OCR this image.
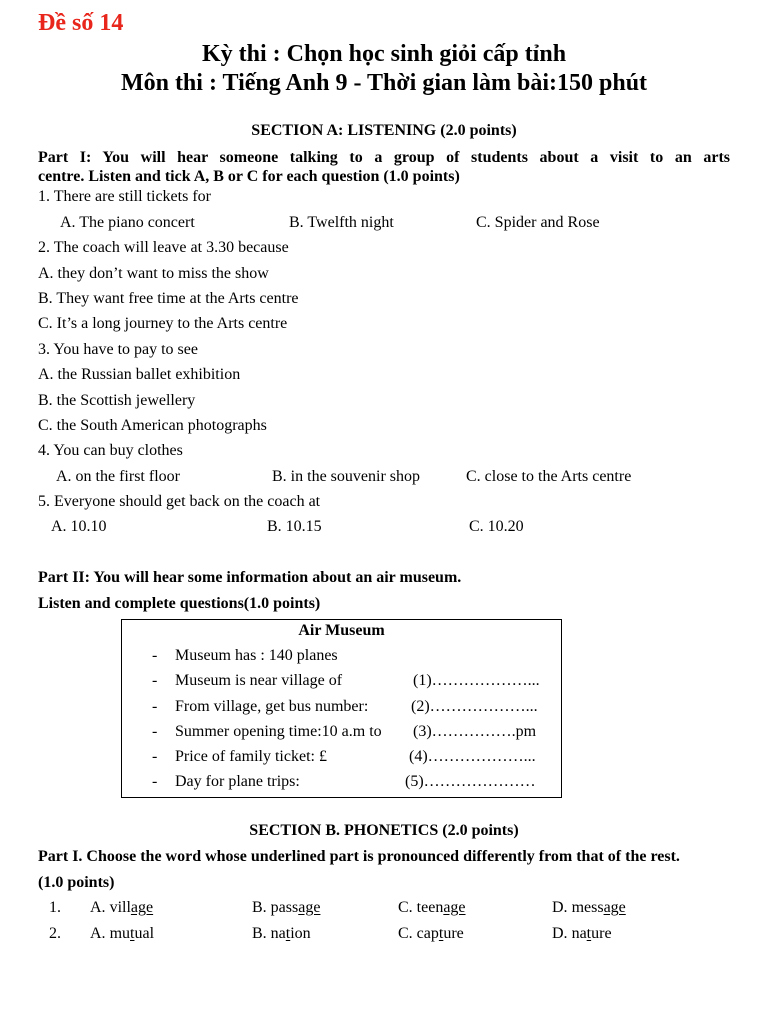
Đề số 14
Kỳ thi : Chọn học sinh giỏi cấp tỉnh
Môn thi : Tiếng Anh 9 - Thời gian làm bài:150 phút
SECTION A: LISTENING (2.0 points)
Part I: You will hear someone talking to a group of students about a visit to an arts
centre. Listen and tick A, B or C for each question (1.0 points)
1. There are still tickets for
A. The piano concert	B. Twelfth night	C. Spider and Rose
2. The coach will leave at 3.30 because
A. they don’t want to miss the show
B. They want free time at the Arts centre
C. It’s a long journey to the Arts centre
3. You have to pay to see
A. the Russian ballet exhibition
B. the Scottish jewellery
C. the South American photographs
4. You can buy clothes
A. on the first floor	B. in the souvenir shop	C. close to the Arts centre
5. Everyone should get back on the coach at
A. 10.10	B. 10.15	C. 10.20
Part II: You will hear some information about an air museum.
Listen and complete questions(1.0 points)
Air Museum
- Museum has : 140 planes
- Museum is near village of	(1)………………...
- From village, get bus number:	(2)………………...
- Summer opening time:10 a.m to (3)…………….pm
- Price of family ticket: £	(4)………………...
- Day for plane trips:	(5)…………………
SECTION B. PHONETICS (2.0 points)
Part I. Choose the word whose underlined part is pronounced differently from that of the rest.
(1.0 points)
1. A. village	B. passage	C. teenage	D. message
2. A. mutual	B. nation	C. capture	D. nature
